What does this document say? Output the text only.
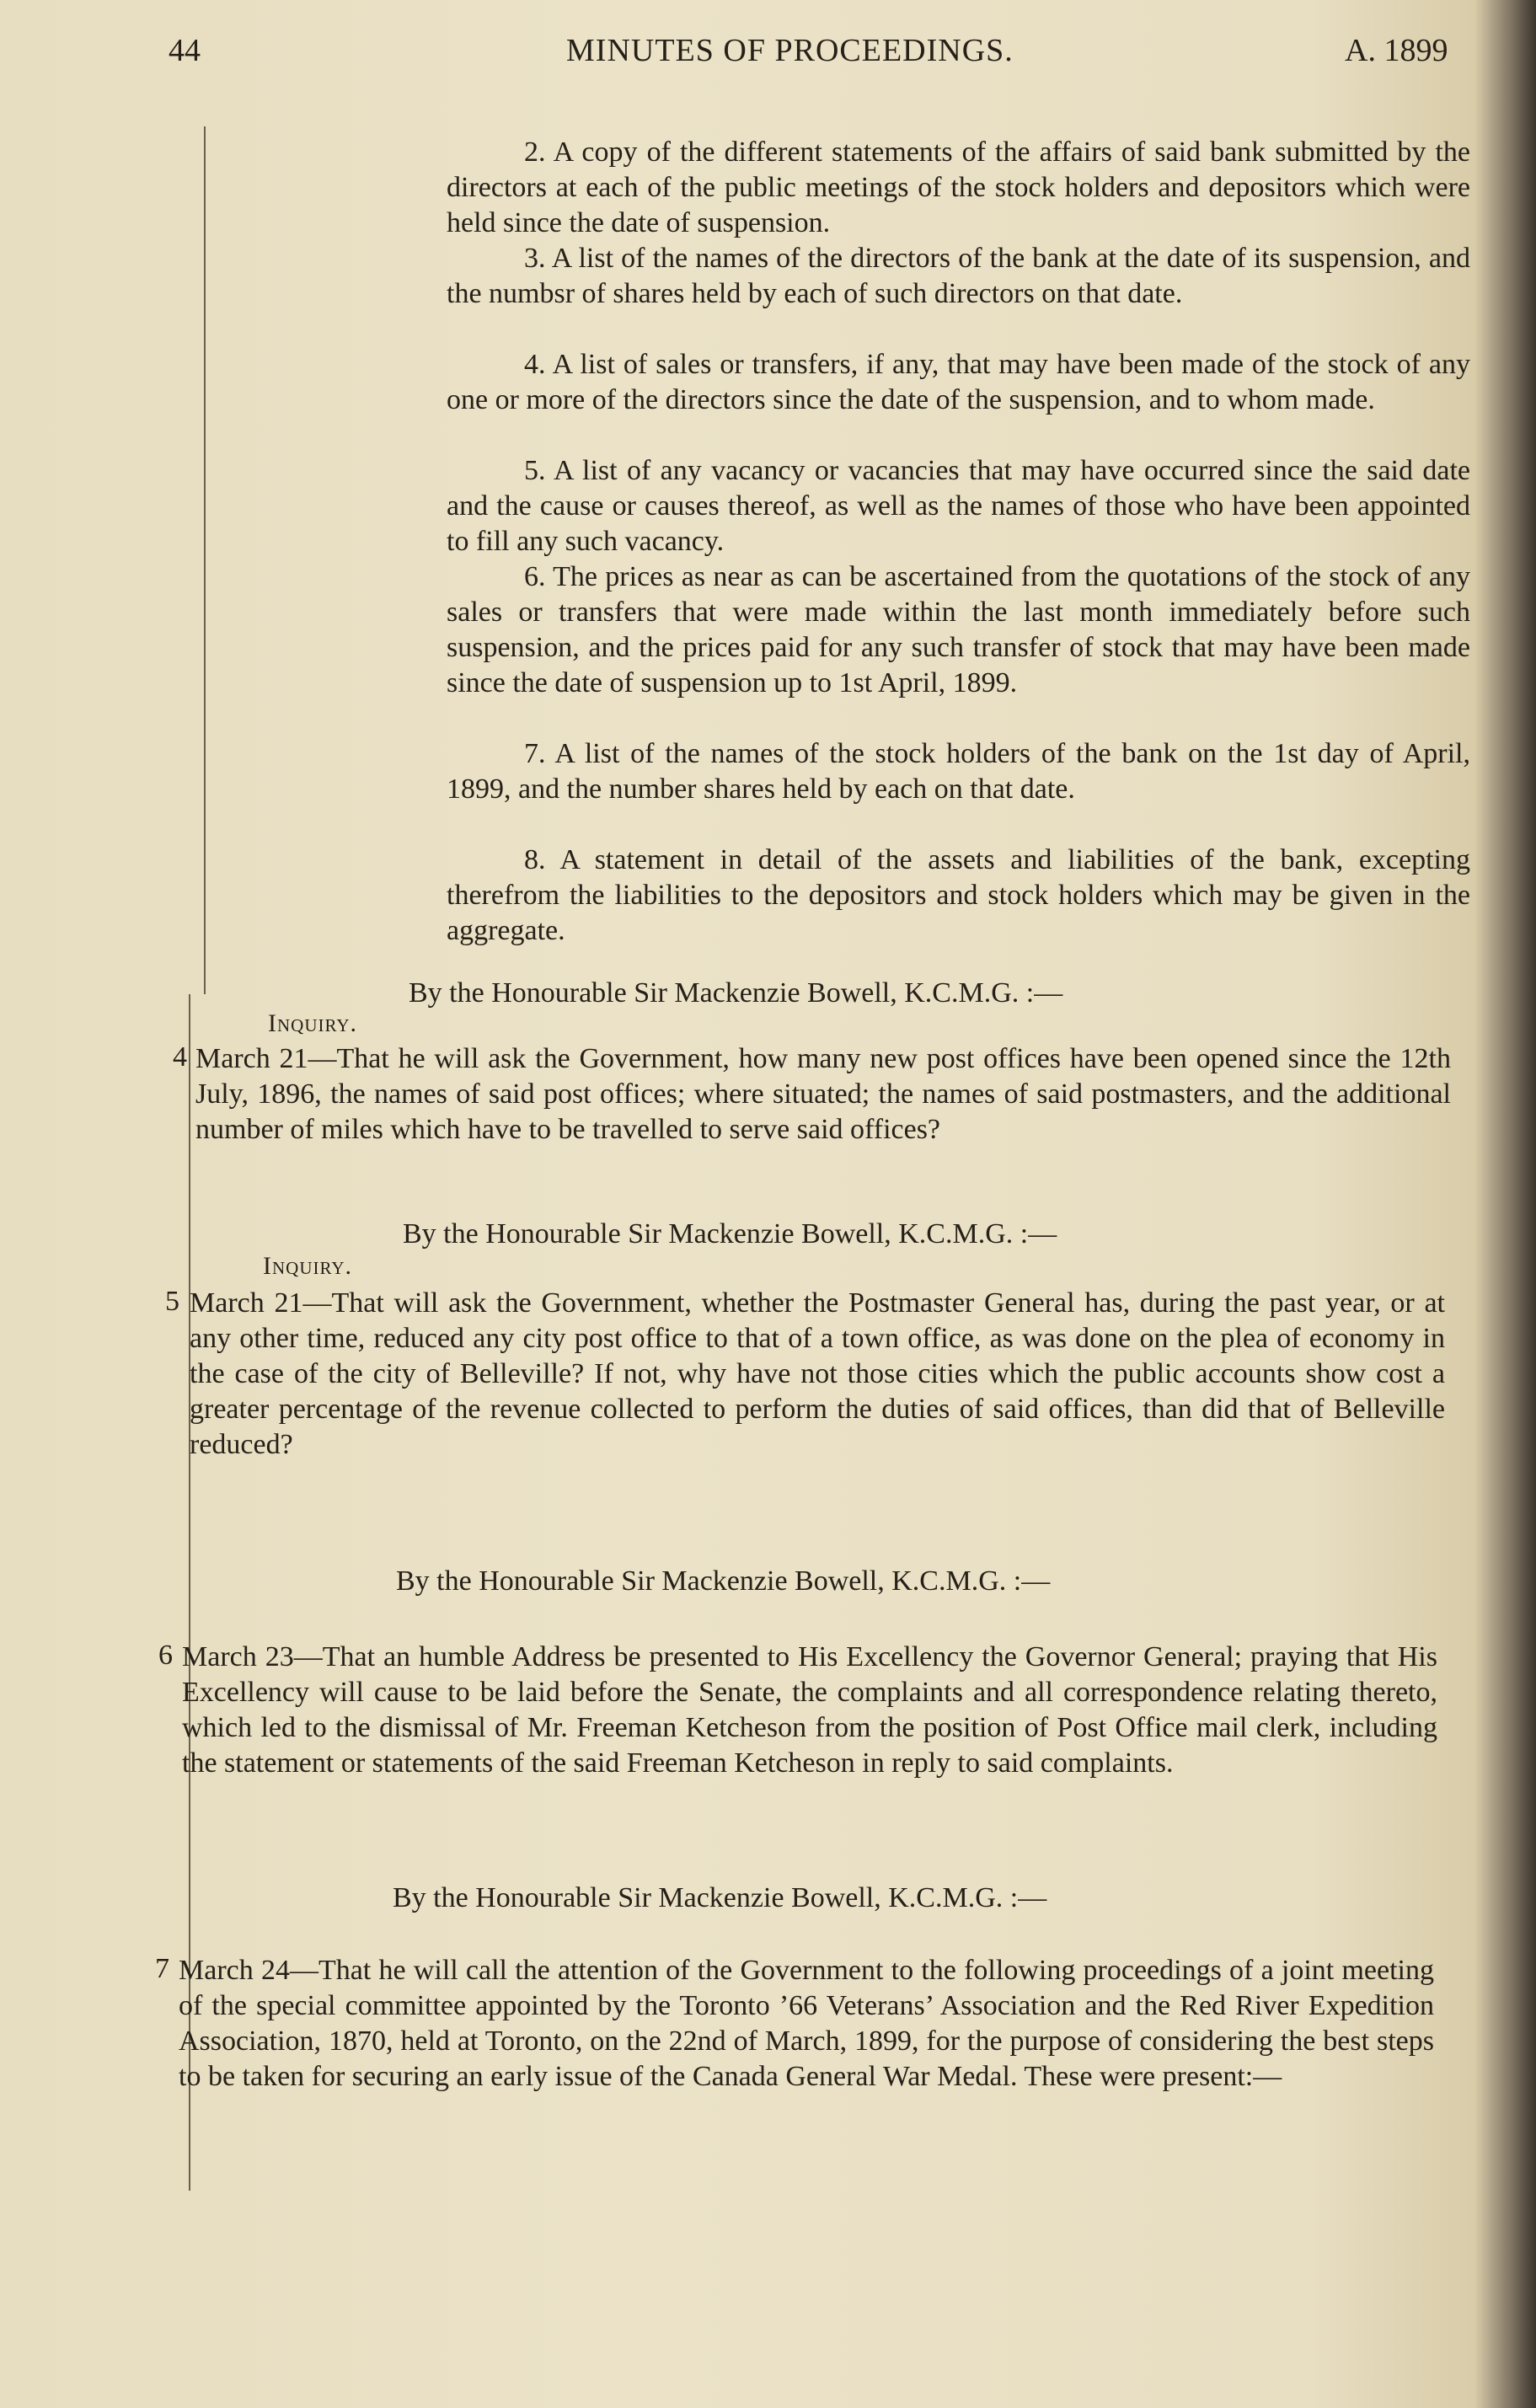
44	MINUTES OF PROCEEDINGS.	A. 1899
2. A copy of the different statements of the affairs of said bank submitted by the directors at each of the public meetings of the stock holders and depositors which were held since the date of suspension.
3. A list of the names of the directors of the bank at the date of its suspension, and the numbsr of shares held by each of such directors on that date.
4. A list of sales or transfers, if any, that may have been made of the stock of any one or more of the directors since the date of the suspension, and to whom made.
5. A list of any vacancy or vacancies that may have occurred since the said date and the cause or causes thereof, as well as the names of those who have been appointed to fill any such vacancy.
6. The prices as near as can be ascertained from the quotations of the stock of any sales or transfers that were made within the last month immediately before such suspension, and the prices paid for any such transfer of stock that may have been made since the date of suspension up to 1st April, 1899.
7. A list of the names of the stock holders of the bank on the 1st day of April, 1899, and the number shares held by each on that date.
8. A statement in detail of the assets and liabilities of the bank, excepting therefrom the liabilities to the depositors and stock holders which may be given in the aggregate.
By the Honourable Sir Mackenzie Bowell, K.C.M.G. :—
Inquiry.
4 March 21—That he will ask the Government, how many new post offices have been opened since the 12th July, 1896, the names of said post offices; where situated; the names of said postmasters, and the additional number of miles which have to be travelled to serve said offices?
By the Honourable Sir Mackenzie Bowell, K.C.M.G. :—
Inquiry.
5 March 21—That will ask the Government, whether the Postmaster General has, during the past year, or at any other time, reduced any city post office to that of a town office, as was done on the plea of economy in the case of the city of Belleville? If not, why have not those cities which the public accounts show cost a greater percentage of the revenue collected to perform the duties of said offices, than did that of Belleville reduced?
By the Honourable Sir Mackenzie Bowell, K.C.M.G. :—
6 March 23—That an humble Address be presented to His Excellency the Governor General; praying that His Excellency will cause to be laid before the Senate, the complaints and all correspondence relating thereto, which led to the dismissal of Mr. Freeman Ketcheson from the position of Post Office mail clerk, including the statement or statements of the said Freeman Ketcheson in reply to said complaints.
By the Honourable Sir Mackenzie Bowell, K.C.M.G. :—
7 March 24—That he will call the attention of the Government to the following proceedings of a joint meeting of the special committee appointed by the Toronto ’66 Veterans’ Association and the Red River Expedition Association, 1870, held at Toronto, on the 22nd of March, 1899, for the purpose of considering the best steps to be taken for securing an early issue of the Canada General War Medal. These were present:—
